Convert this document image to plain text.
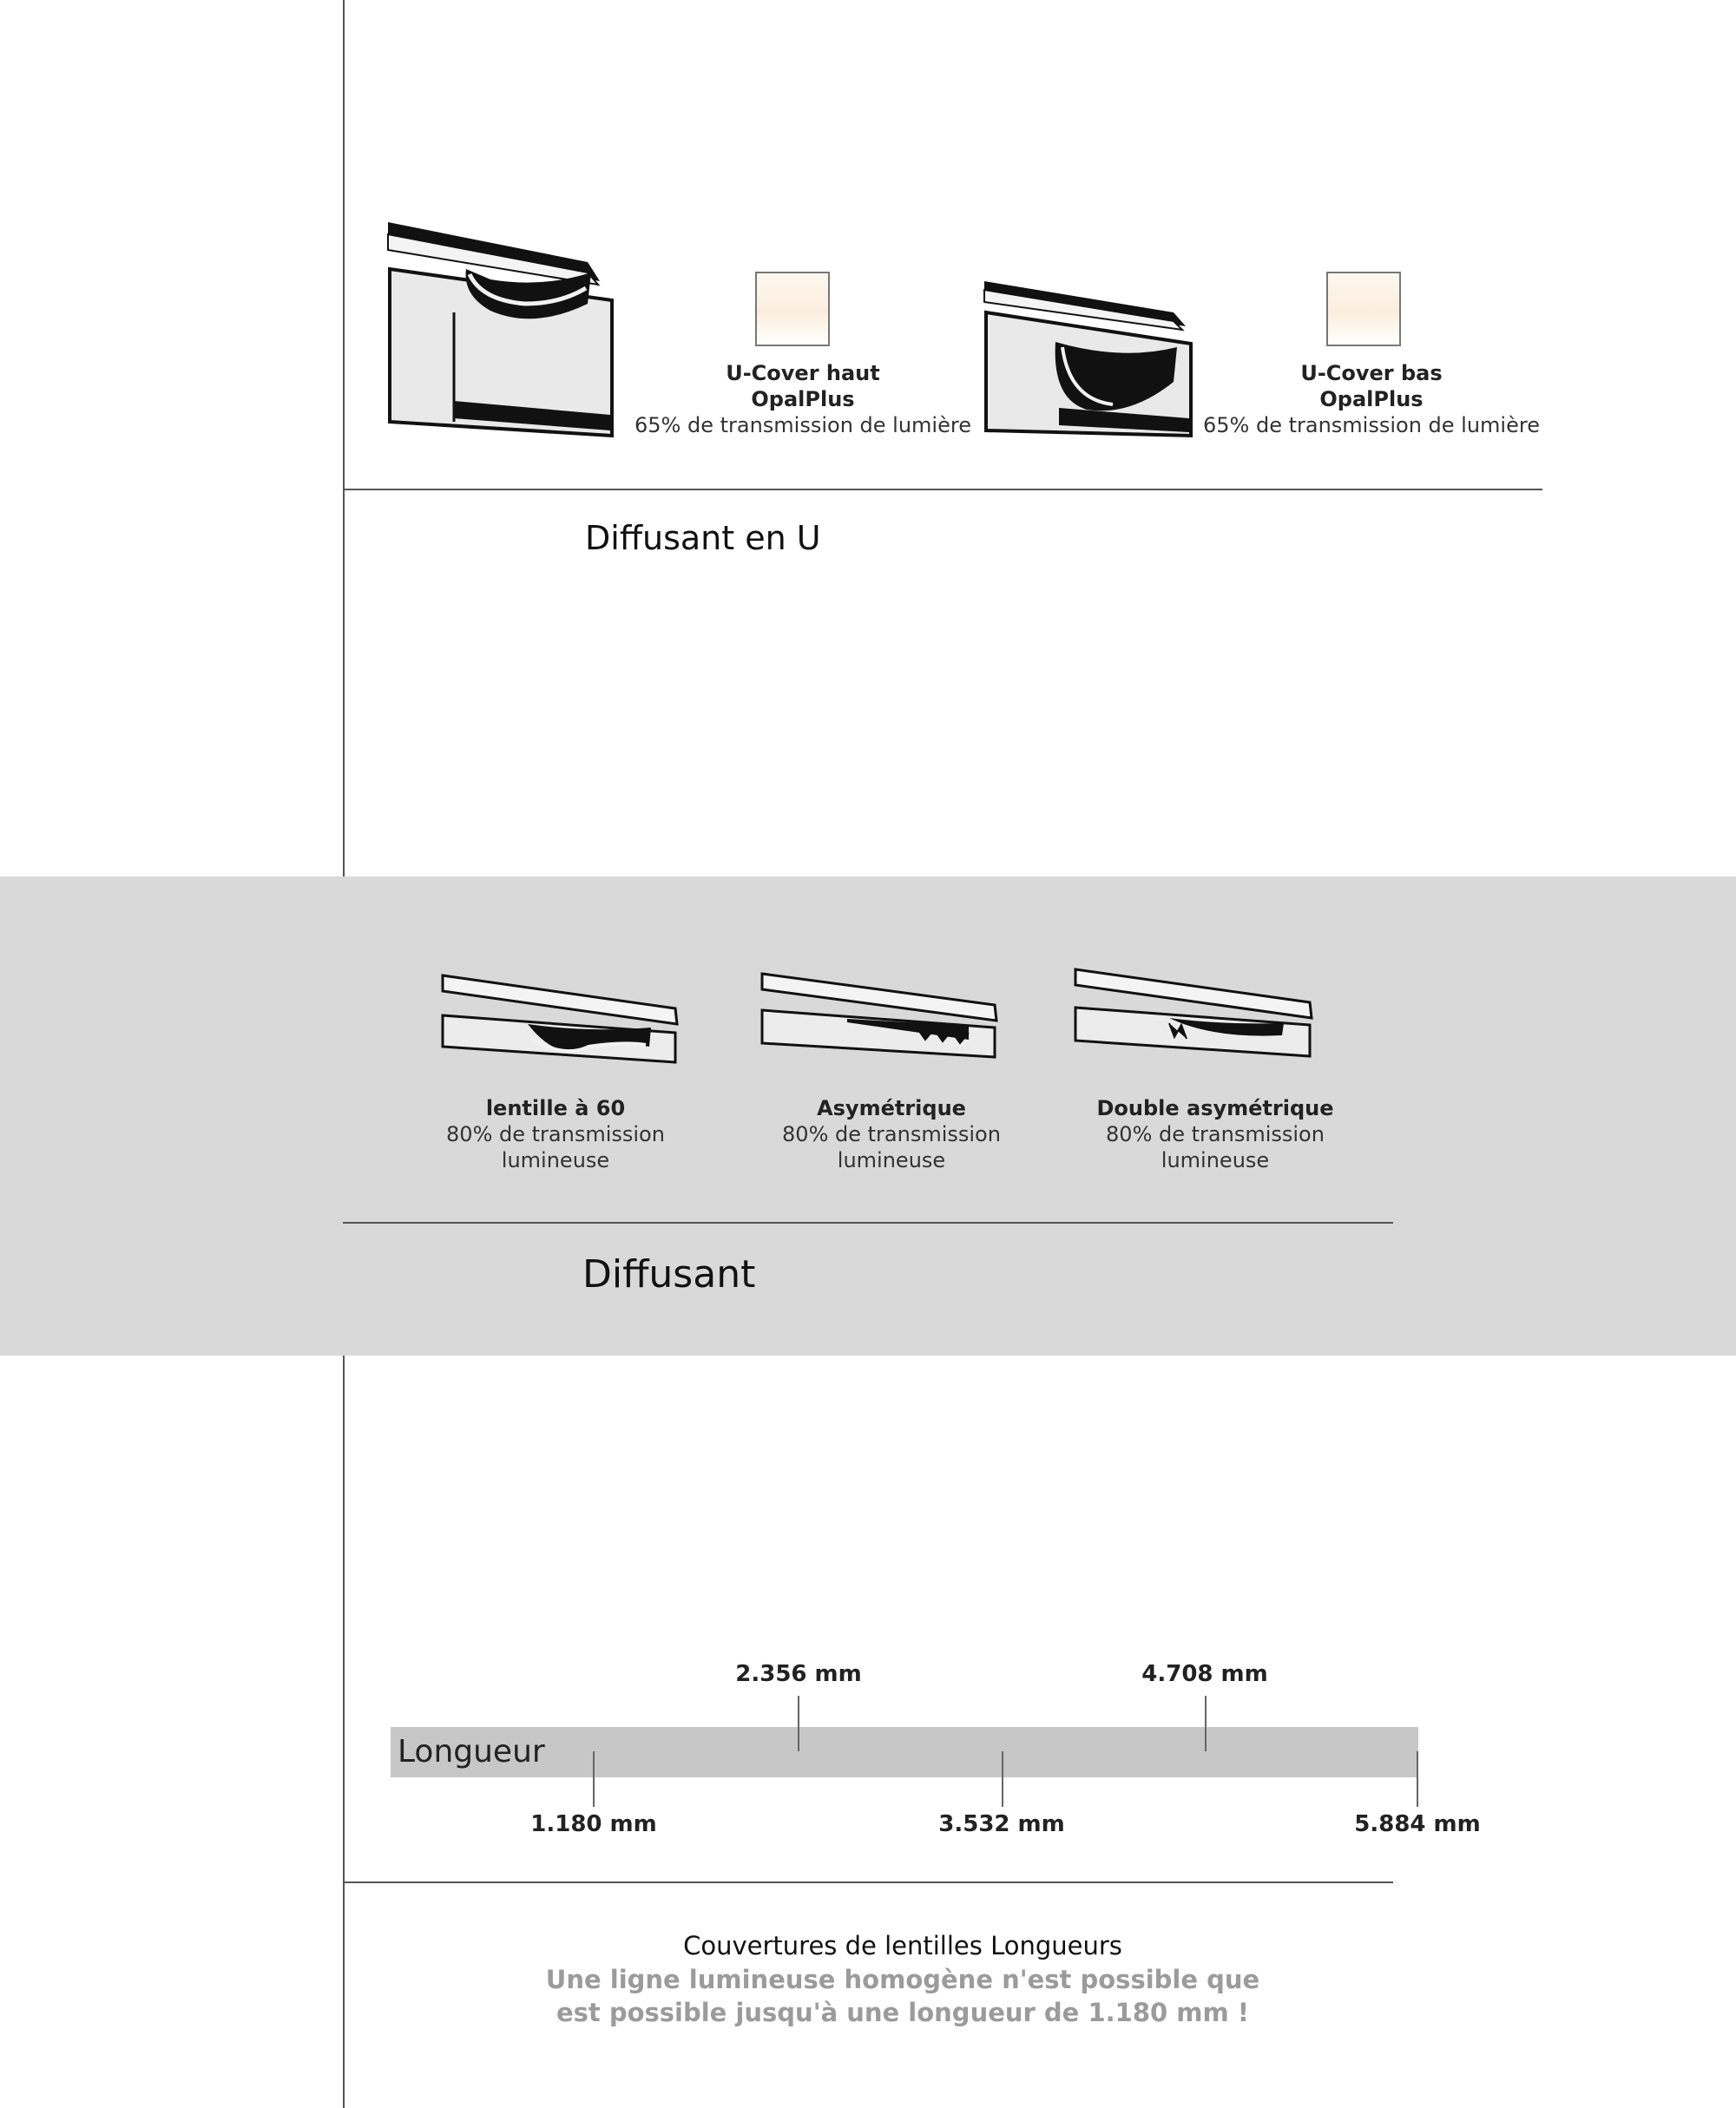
U-Cover haut
OpalPlus
65% de transmission de lumière
U-Cover bas
OpalPlus
65% de transmission de lumière
Diffusant en U
lentille à 60
80% de transmission
lumineuse
Asymétrique
80% de transmission
lumineuse
Double asymétrique
80% de transmission
lumineuse
Diffusant
2.356 mm	4.708 mm
Longueur
1.180 mm	3.532 mm	5.884 mm
Couvertures de lentilles Longueurs
Une ligne lumineuse homogène n'est possible que
est possible jusqu'à une longueur de 1.180 mm !
